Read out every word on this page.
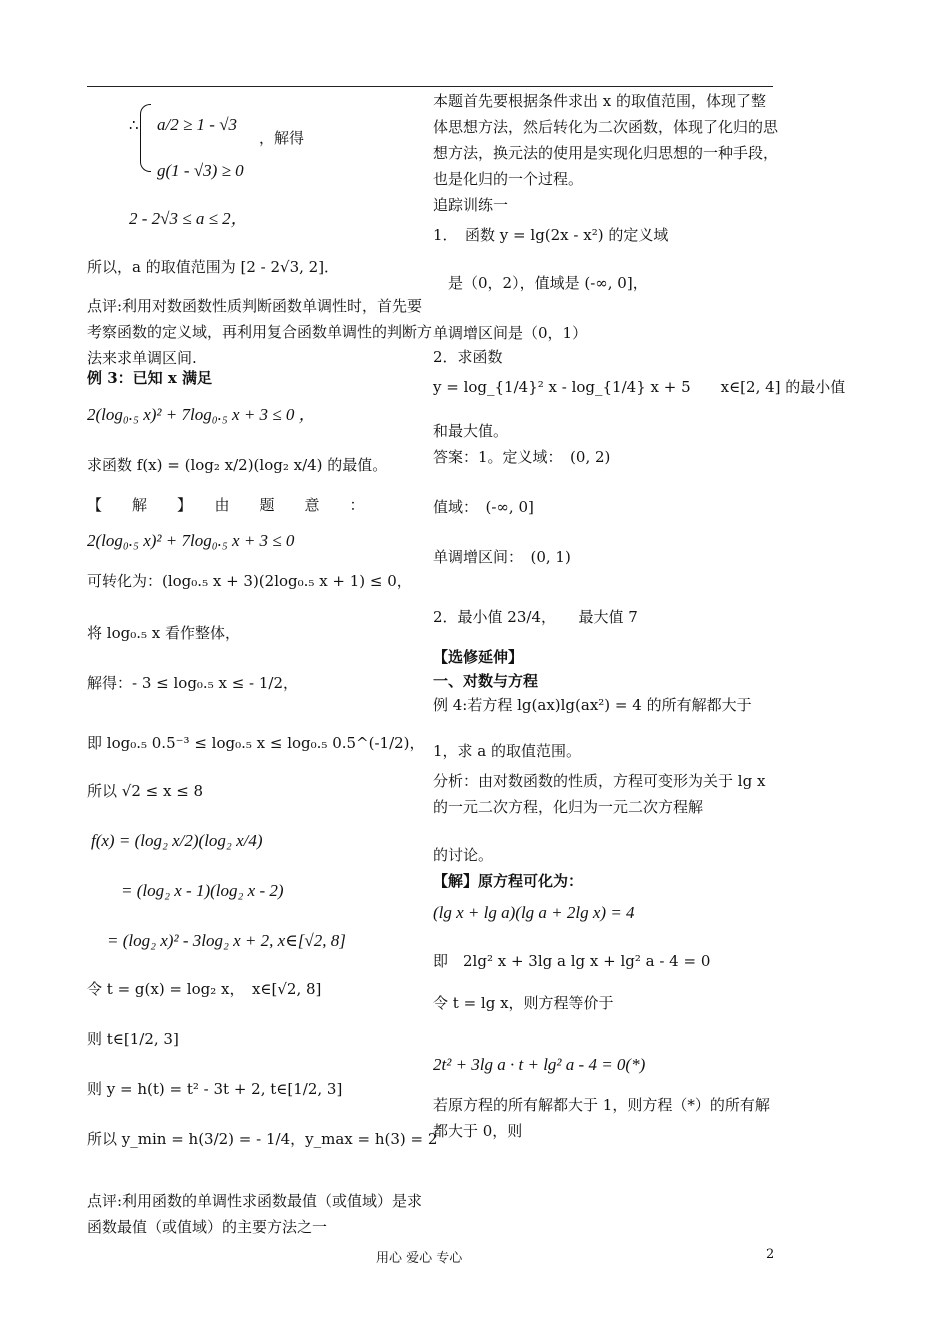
∴	a/2 ≥ 1 - √3
，解得
g(1 - √3) ≥ 0
2 - 2√3 ≤ a ≤ 2，
所以，a 的取值范围为 [2 - 2√3, 2]．
点评:利用对数函数性质判断函数单调性时，首先要考察函数的定义域，再利用复合函数单调性的判断方法来求单调区间.
例 3：已知 x 满足
2(log₀.₅ x)² + 7log₀.₅ x + 3 ≤ 0 ，
求函数 f(x) = (log₂ x/2)(log₂ x/4) 的最值。
【　　解　　】　　由　　题　　意　　：
2(log₀.₅ x)² + 7log₀.₅ x + 3 ≤ 0
可转化为：(log₀.₅ x + 3)(2log₀.₅ x + 1) ≤ 0，
将 log₀.₅ x 看作整体，
解得：- 3 ≤ log₀.₅ x ≤ - 1/2，
即 log₀.₅ 0.5⁻³ ≤ log₀.₅ x ≤ log₀.₅ 0.5^(-1/2)，
所以 √2 ≤ x ≤ 8
f(x) = (log₂ x/2)(log₂ x/4)
= (log₂ x - 1)(log₂ x - 2)
= (log₂ x)² - 3log₂ x + 2, x∈[√2, 8]
令 t = g(x) = log₂ x，　x∈[√2, 8]
则 t∈[1/2, 3]
则 y = h(t) = t² - 3t + 2, t∈[1/2, 3]
所以 y_min = h(3/2) = - 1/4，y_max = h(3) = 2
点评:利用函数的单调性求函数最值（或值域）是求函数最值（或值域）的主要方法之一
本题首先要根据条件求出 x 的取值范围，体现了整体思想方法，然后转化为二次函数，体现了化归的思想方法，换元法的使用是实现化归思想的一种手段，也是化归的一个过程。
追踪训练一
1．　函数 y = lg(2x - x²) 的定义域
　是（0，2），值域是 (-∞, 0]，
单调增区间是（0，1）
2．求函数
y = log_{1/4}² x - log_{1/4} x + 5　　x∈[2, 4] 的最小值
和最大值。
答案：1。定义域：　(0, 2)
值域：　(-∞, 0]
单调增区间：　(0, 1)
2．最小值 23/4，　　最大值 7
【选修延伸】
一、对数与方程
例 4:若方程 lg(ax)lg(ax²) = 4 的所有解都大于
1，求 a 的取值范围。
分析：由对数函数的性质，方程可变形为关于 lg x 的一元二次方程，化归为一元二次方程解
的讨论。
【解】原方程可化为：
(lg x + lg a)(lg a + 2lg x) = 4
即　2lg² x + 3lg a lg x + lg² a - 4 = 0
令 t = lg x，则方程等价于
2t² + 3lg a · t + lg² a - 4 = 0(*)
若原方程的所有解都大于 1，则方程（*）的所有解都大于 0，则
用心 爱心 专心	2
